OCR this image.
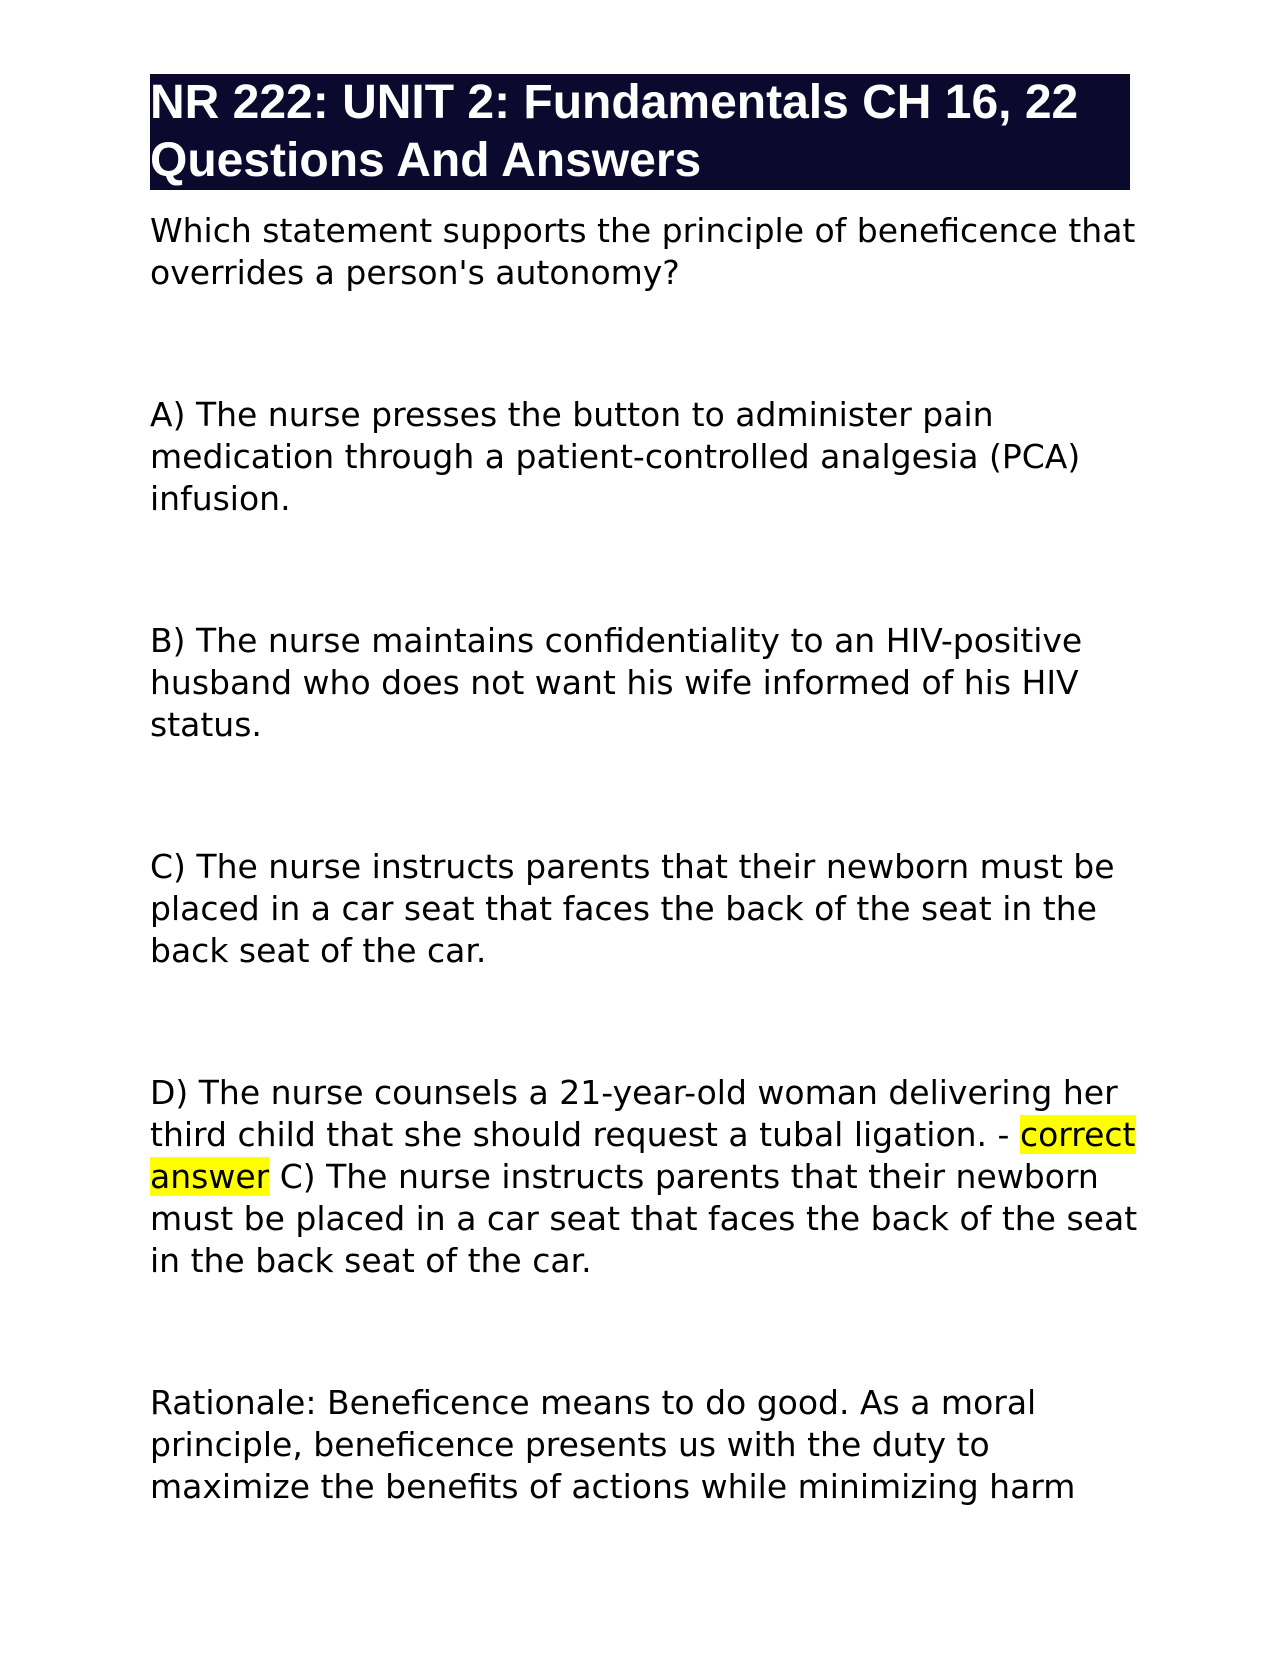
NR 222: UNIT 2: Fundamentals CH 16, 22 Questions And Answers

Which statement supports the principle of beneficence that overrides a person's autonomy?

A) The nurse presses the button to administer pain medication through a patient-controlled analgesia (PCA) infusion.

B) The nurse maintains confidentiality to an HIV-positive husband who does not want his wife informed of his HIV status.

C) The nurse instructs parents that their newborn must be placed in a car seat that faces the back of the seat in the back seat of the car.

D) The nurse counsels a 21-year-old woman delivering her third child that she should request a tubal ligation. - correct answer C) The nurse instructs parents that their newborn must be placed in a car seat that faces the back of the seat in the back seat of the car.

Rationale: Beneficence means to do good. As a moral principle, beneficence presents us with the duty to maximize the benefits of actions while minimizing harm
